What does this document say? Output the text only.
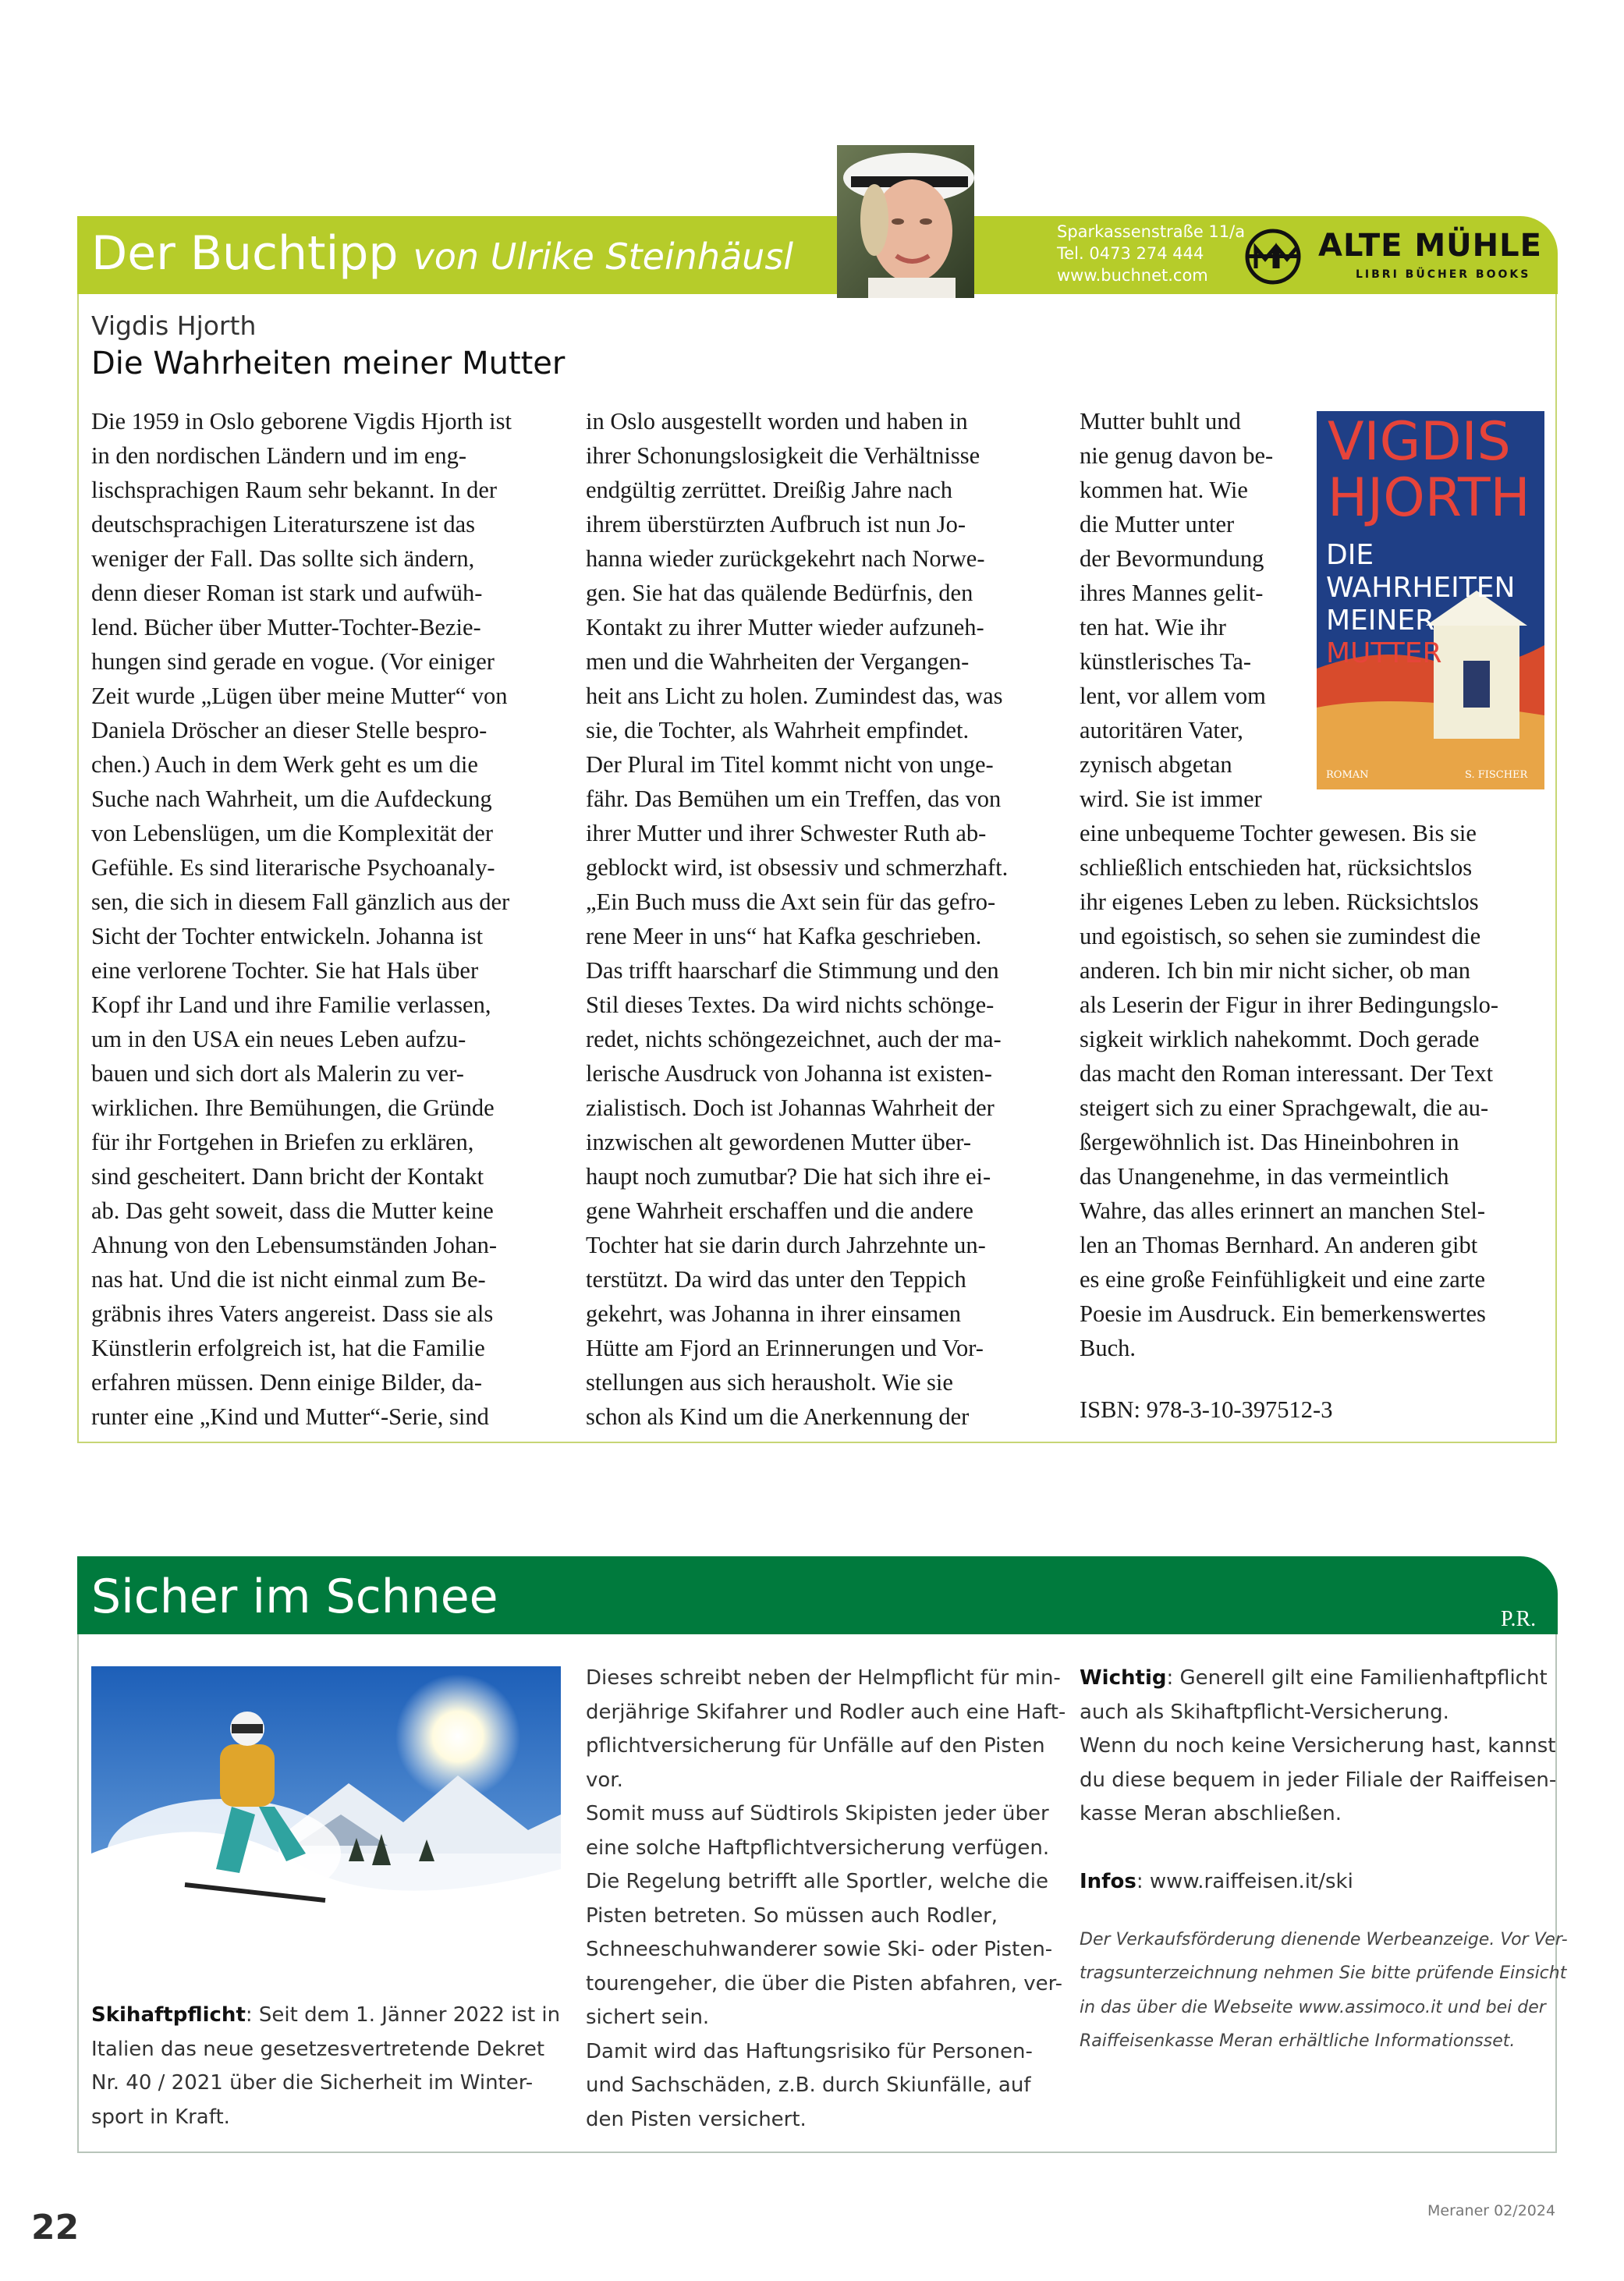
Der Buchtipp von Ulrike Steinhäusl
Sparkassenstraße 11/a
Tel. 0473 274 444
www.buchnet.com
ALTE MÜHLE
LIBRI BÜCHER BOOKS
Vigdis Hjorth
Die Wahrheiten meiner Mutter
Die 1959 in Oslo geborene Vigdis Hjorth ist
in den nordischen Ländern und im eng-
lischsprachigen Raum sehr bekannt. In der
deutschsprachigen Literaturszene ist das
weniger der Fall. Das sollte sich ändern,
denn dieser Roman ist stark und aufwüh-
lend. Bücher über Mutter-Tochter-Bezie-
hungen sind gerade en vogue. (Vor einiger
Zeit wurde „Lügen über meine Mutter“ von
Daniela Dröscher an dieser Stelle bespro-
chen.) Auch in dem Werk geht es um die
Suche nach Wahrheit, um die Aufdeckung
von Lebenslügen, um die Komplexität der
Gefühle. Es sind literarische Psychoanaly-
sen, die sich in diesem Fall gänzlich aus der
Sicht der Tochter entwickeln. Johanna ist
eine verlorene Tochter. Sie hat Hals über
Kopf ihr Land und ihre Familie verlassen,
um in den USA ein neues Leben aufzu-
bauen und sich dort als Malerin zu ver-
wirklichen. Ihre Bemühungen, die Gründe
für ihr Fortgehen in Briefen zu erklären,
sind gescheitert. Dann bricht der Kontakt
ab. Das geht soweit, dass die Mutter keine
Ahnung von den Lebensumständen Johan-
nas hat. Und die ist nicht einmal zum Be-
gräbnis ihres Vaters angereist. Dass sie als
Künstlerin erfolgreich ist, hat die Familie
erfahren müssen. Denn einige Bilder, da-
runter eine „Kind und Mutter“-Serie, sind
in Oslo ausgestellt worden und haben in
ihrer Schonungslosigkeit die Verhältnisse
endgültig zerrüttet. Dreißig Jahre nach
ihrem überstürzten Aufbruch ist nun Jo-
hanna wieder zurückgekehrt nach Norwe-
gen. Sie hat das quälende Bedürfnis, den
Kontakt zu ihrer Mutter wieder aufzuneh-
men und die Wahrheiten der Vergangen-
heit ans Licht zu holen. Zumindest das, was
sie, die Tochter, als Wahrheit empfindet.
Der Plural im Titel kommt nicht von unge-
fähr. Das Bemühen um ein Treffen, das von
ihrer Mutter und ihrer Schwester Ruth ab-
geblockt wird, ist obsessiv und schmerzhaft.
„Ein Buch muss die Axt sein für das gefro-
rene Meer in uns“ hat Kafka geschrieben.
Das trifft haarscharf die Stimmung und den
Stil dieses Textes. Da wird nichts schönge-
redet, nichts schöngezeichnet, auch der ma-
lerische Ausdruck von Johanna ist existen-
zialistisch. Doch ist Johannas Wahrheit der
inzwischen alt gewordenen Mutter über-
haupt noch zumutbar? Die hat sich ihre ei-
gene Wahrheit erschaffen und die andere
Tochter hat sie darin durch Jahrzehnte un-
terstützt. Da wird das unter den Teppich
gekehrt, was Johanna in ihrer einsamen
Hütte am Fjord an Erinnerungen und Vor-
stellungen aus sich herausholt. Wie sie
schon als Kind um die Anerkennung der
Mutter buhlt und
nie genug davon be-
kommen hat. Wie
die Mutter unter
der Bevormundung
ihres Mannes gelit-
ten hat. Wie ihr
künstlerisches Ta-
lent, vor allem vom
autoritären Vater,
zynisch abgetan
wird. Sie ist immer
eine unbequeme Tochter gewesen. Bis sie
schließlich entschieden hat, rücksichtslos
ihr eigenes Leben zu leben. Rücksichtslos
und egoistisch, so sehen sie zumindest die
anderen. Ich bin mir nicht sicher, ob man
als Leserin der Figur in ihrer Bedingungslo-
sigkeit wirklich nahekommt. Doch gerade
das macht den Roman interessant. Der Text
steigert sich zu einer Sprachgewalt, die au-
ßergewöhnlich ist. Das Hineinbohren in
das Unangenehme, in das vermeintlich
Wahre, das alles erinnert an manchen Stel-
len an Thomas Bernhard. An anderen gibt
es eine große Feinfühligkeit und eine zarte
Poesie im Ausdruck. Ein bemerkenswertes
Buch.
ISBN: 978-3-10-397512-3
VIGDIS
HJORTH
DIE
WAHRHEITEN
MEINER
MUTTER
ROMAN	S. FISCHER
Sicher im Schnee	P.R.
Skihaftpflicht: Seit dem 1. Jänner 2022 ist in
Italien das neue gesetzesvertretende Dekret
Nr. 40 / 2021 über die Sicherheit im Winter-
sport in Kraft.
Dieses schreibt neben der Helmpflicht für min-
derjährige Skifahrer und Rodler auch eine Haft-
pflichtversicherung für Unfälle auf den Pisten
vor.
Somit muss auf Südtirols Skipisten jeder über
eine solche Haftpflichtversicherung verfügen.
Die Regelung betrifft alle Sportler, welche die
Pisten betreten. So müssen auch Rodler,
Schneeschuhwanderer sowie Ski- oder Pisten-
tourengeher, die über die Pisten abfahren, ver-
sichert sein.
Damit wird das Haftungsrisiko für Personen-
und Sachschäden, z.B. durch Skiunfälle, auf
den Pisten versichert.
Wichtig: Generell gilt eine Familienhaftpflicht
auch als Skihaftpflicht-Versicherung.
Wenn du noch keine Versicherung hast, kannst
du diese bequem in jeder Filiale der Raiffeisen-
kasse Meran abschließen.
Infos: www.raiffeisen.it/ski
Der Verkaufsförderung dienende Werbeanzeige. Vor Ver-
tragsunterzeichnung nehmen Sie bitte prüfende Einsicht
in das über die Webseite www.assimoco.it und bei der
Raiffeisenkasse Meran erhältliche Informationsset.
22	Meraner 02/2024
